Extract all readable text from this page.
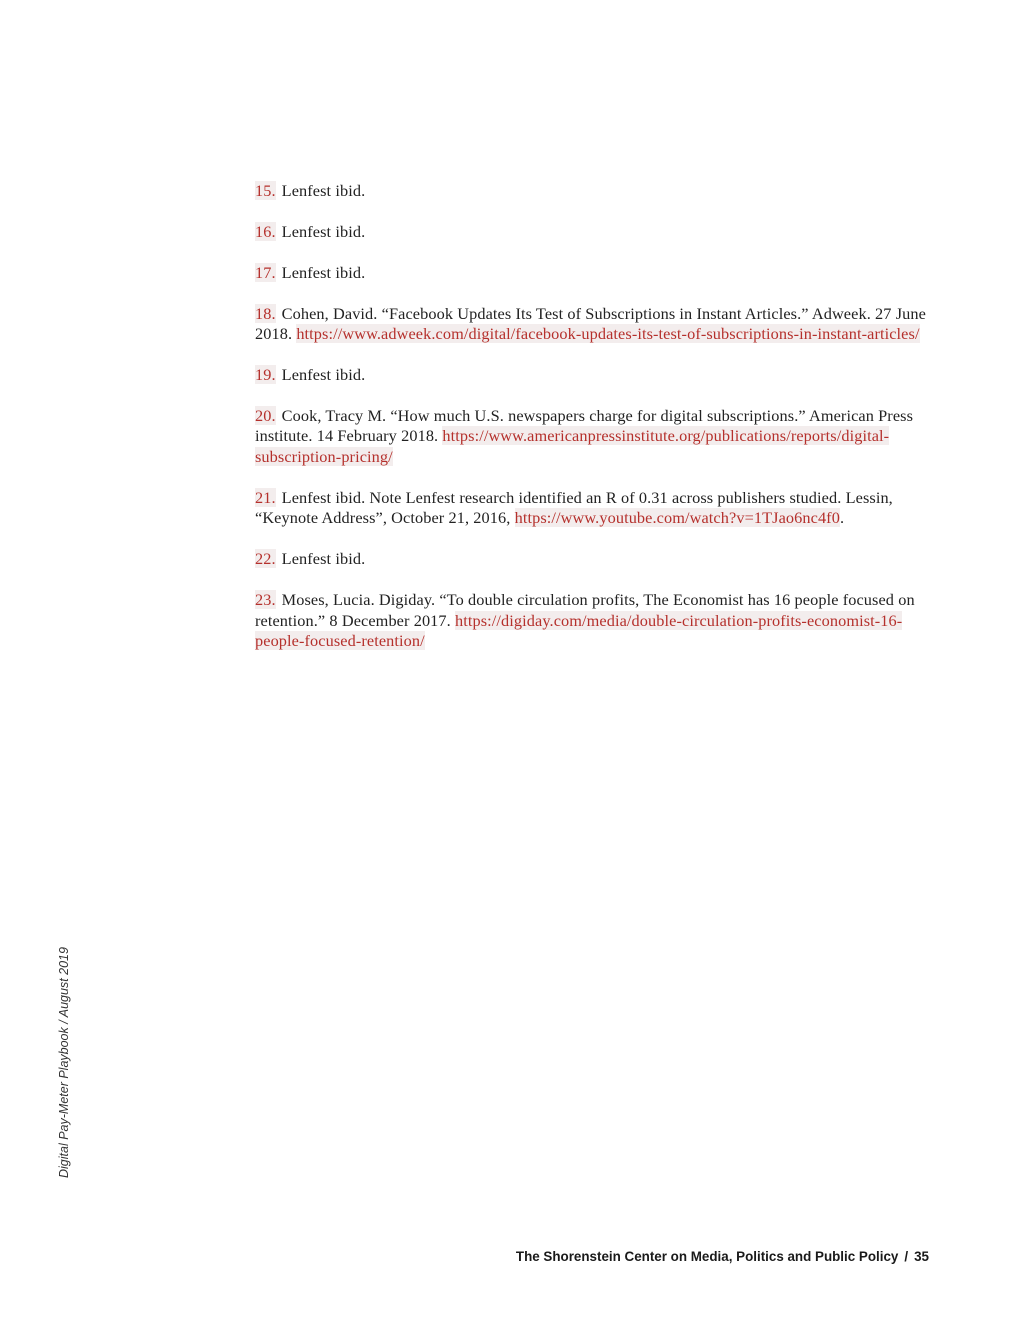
15. Lenfest ibid.

16. Lenfest ibid.

17. Lenfest ibid.

18. Cohen, David. “Facebook Updates Its Test of Subscriptions in Instant Articles.” Adweek. 27 June 2018. https://www.adweek.com/digital/facebook-updates-its-test-of-subscriptions-in-instant-articles/

19. Lenfest ibid.

20. Cook, Tracy M. “How much U.S. newspapers charge for digital subscriptions.” American Press institute. 14 February 2018. https://www.americanpressinstitute.org/publications/reports/digital-subscription-pricing/

21. Lenfest ibid. Note Lenfest research identified an R of 0.31 across publishers studied. Lessin, “Keynote Address”, October 21, 2016, https://www.youtube.com/watch?v=1TJao6nc4f0.

22. Lenfest ibid.

23. Moses, Lucia. Digiday. “To double circulation profits, The Economist has 16 people focused on retention.” 8 December 2017. https://digiday.com/media/double-circulation-profits-economist-16-people-focused-retention/

Digital Pay-Meter Playbook / August 2019
The Shorenstein Center on Media, Politics and Public Policy / 35
